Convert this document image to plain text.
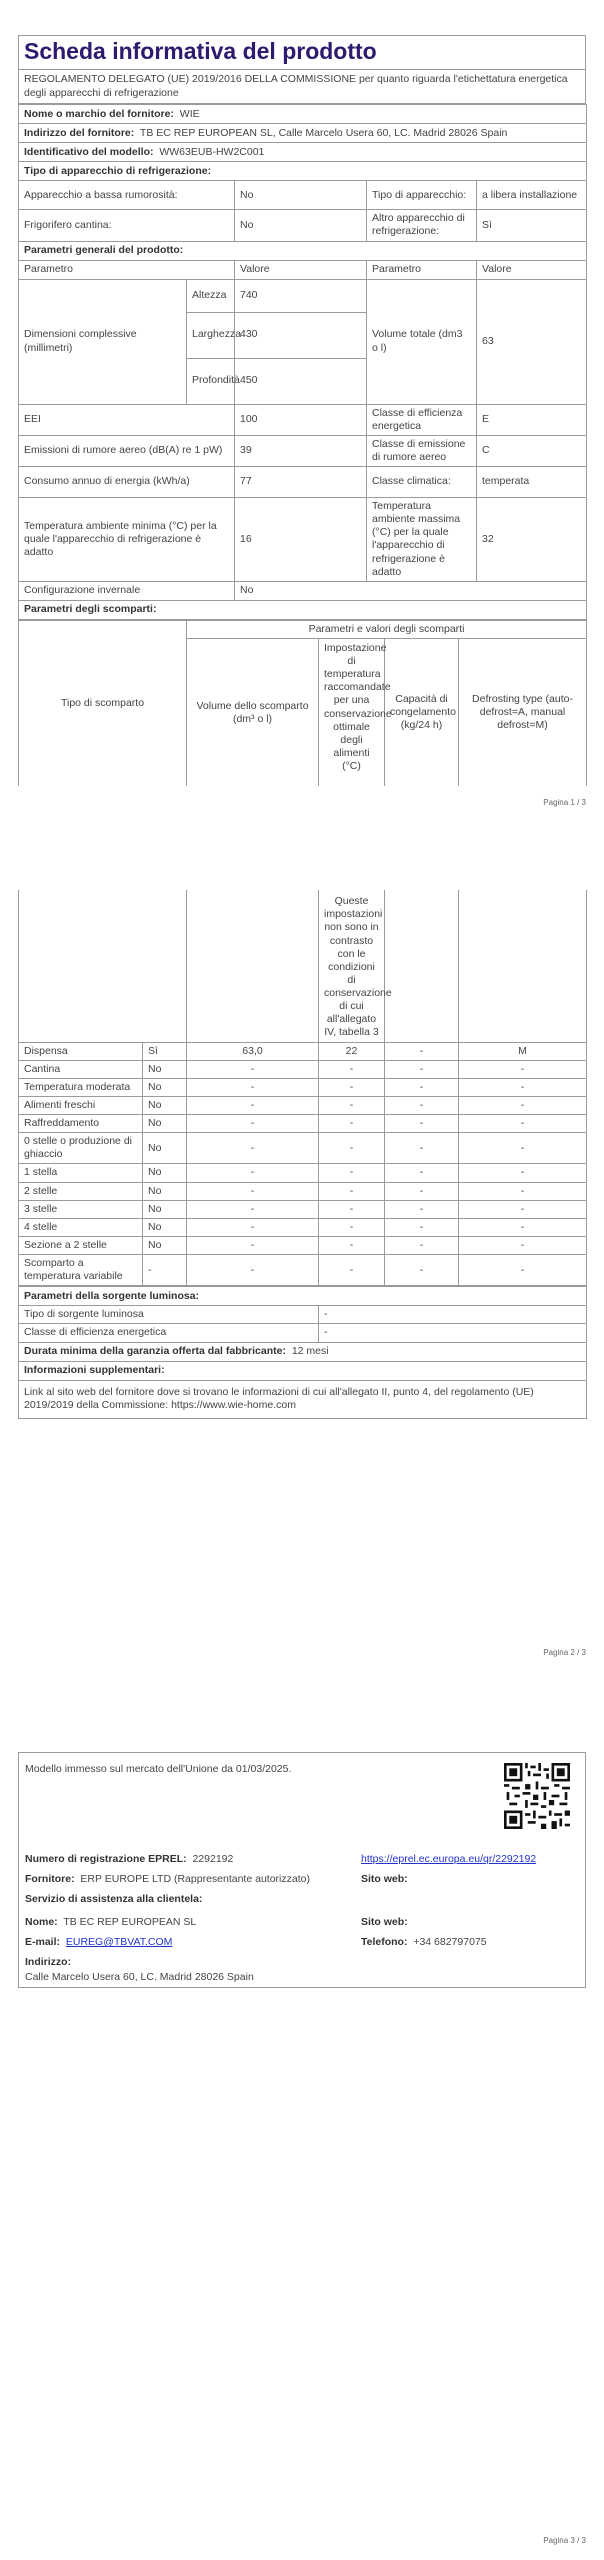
Scheda informativa del prodotto
REGOLAMENTO DELEGATO (UE) 2019/2016 DELLA COMMISSIONE per quanto riguarda l'etichettatura energetica degli apparecchi di refrigerazione
Nome o marchio del fornitore: WIE				
Indirizzo del fornitore: TB EC REP EUROPEAN SL, Calle Marcelo Usera 60, LC. Madrid 28026 Spain				
Identificativo del modello: WW63EUB-HW2C001				
Tipo di apparecchio di refrigerazione:				
Apparecchio a bassa rumorosità:		No	Tipo di apparecchio:	a libera installazione
Frigorifero cantina:		No	Altro apparecchio di refrigerazione:	Sì
Parametri generali del prodotto:				
Parametro		Valore	Parametro	Valore
Dimensioni complessive (millimetri)	Altezza	740	Volume totale (dm3 o l)	63
	Larghezza	430		
	Profondità	450		
EEI		100	Classe di efficienza energetica	E
Emissioni di rumore aereo (dB(A) re 1 pW)		39	Classe di emissione di rumore aereo	C
Consumo annuo di energia (kWh/a)		77	Classe climatica:	temperata
Temperatura ambiente minima (°C) per la quale l'apparecchio di refrigerazione è adatto		16	Temperatura ambiente massima (°C) per la quale l'apparecchio di refrigerazione è adatto	32
Configurazione invernale		No		
Parametri degli scomparti:				
Tipo di scomparto	Parametri e valori degli scomparti			
	Volume dello scomparto (dm³ o l)	Impostazione di temperatura raccomandate per una conservazione ottimale degli alimenti (°C)	Capacità di congelamento (kg/24 h)	Defrosting type (auto-defrost=A, manual defrost=M)
Pagina 1 / 3
			Queste impostazioni non sono in contrasto con le condizioni di conservazione di cui all'allegato IV, tabella 3		
Dispensa	Sì	63,0	22	-	M
Cantina	No	-	-	-	-
Temperatura moderata	No	-	-	-	-
Alimenti freschi	No	-	-	-	-
Raffreddamento	No	-	-	-	-
0 stelle o produzione di ghiaccio	No	-	-	-	-
1 stella	No	-	-	-	-
2 stelle	No	-	-	-	-
3 stelle	No	-	-	-	-
4 stelle	No	-	-	-	-
Sezione a 2 stelle	No	-	-	-	-
Scomparto a temperatura variabile	-	-	-	-	-
Parametri della sorgente luminosa:	
Tipo di sorgente luminosa	-
Classe di efficienza energetica	-
Durata minima della garanzia offerta dal fabbricante: 12 mesi	
Informazioni supplementari:	
Link al sito web del fornitore dove si trovano le informazioni di cui all'allegato II, punto 4, del regolamento (UE) 2019/2019 della Commissione: https://www.wie-home.com	
Pagina 2 / 3
Modello immesso sul mercato dell'Unione da 01/03/2025.
Numero di registrazione EPREL: 2292192	https://eprel.ec.europa.eu/qr/2292192
Fornitore: ERP EUROPE LTD (Rappresentante autorizzato)	Sito web:
Servizio di assistenza alla clientela:
Nome: TB EC REP EUROPEAN SL	Sito web:
E-mail: EUREG@TBVAT.COM	Telefono: +34 682797075
Indirizzo:
Calle Marcelo Usera 60, LC. Madrid 28026 Spain
Pagina 3 / 3
